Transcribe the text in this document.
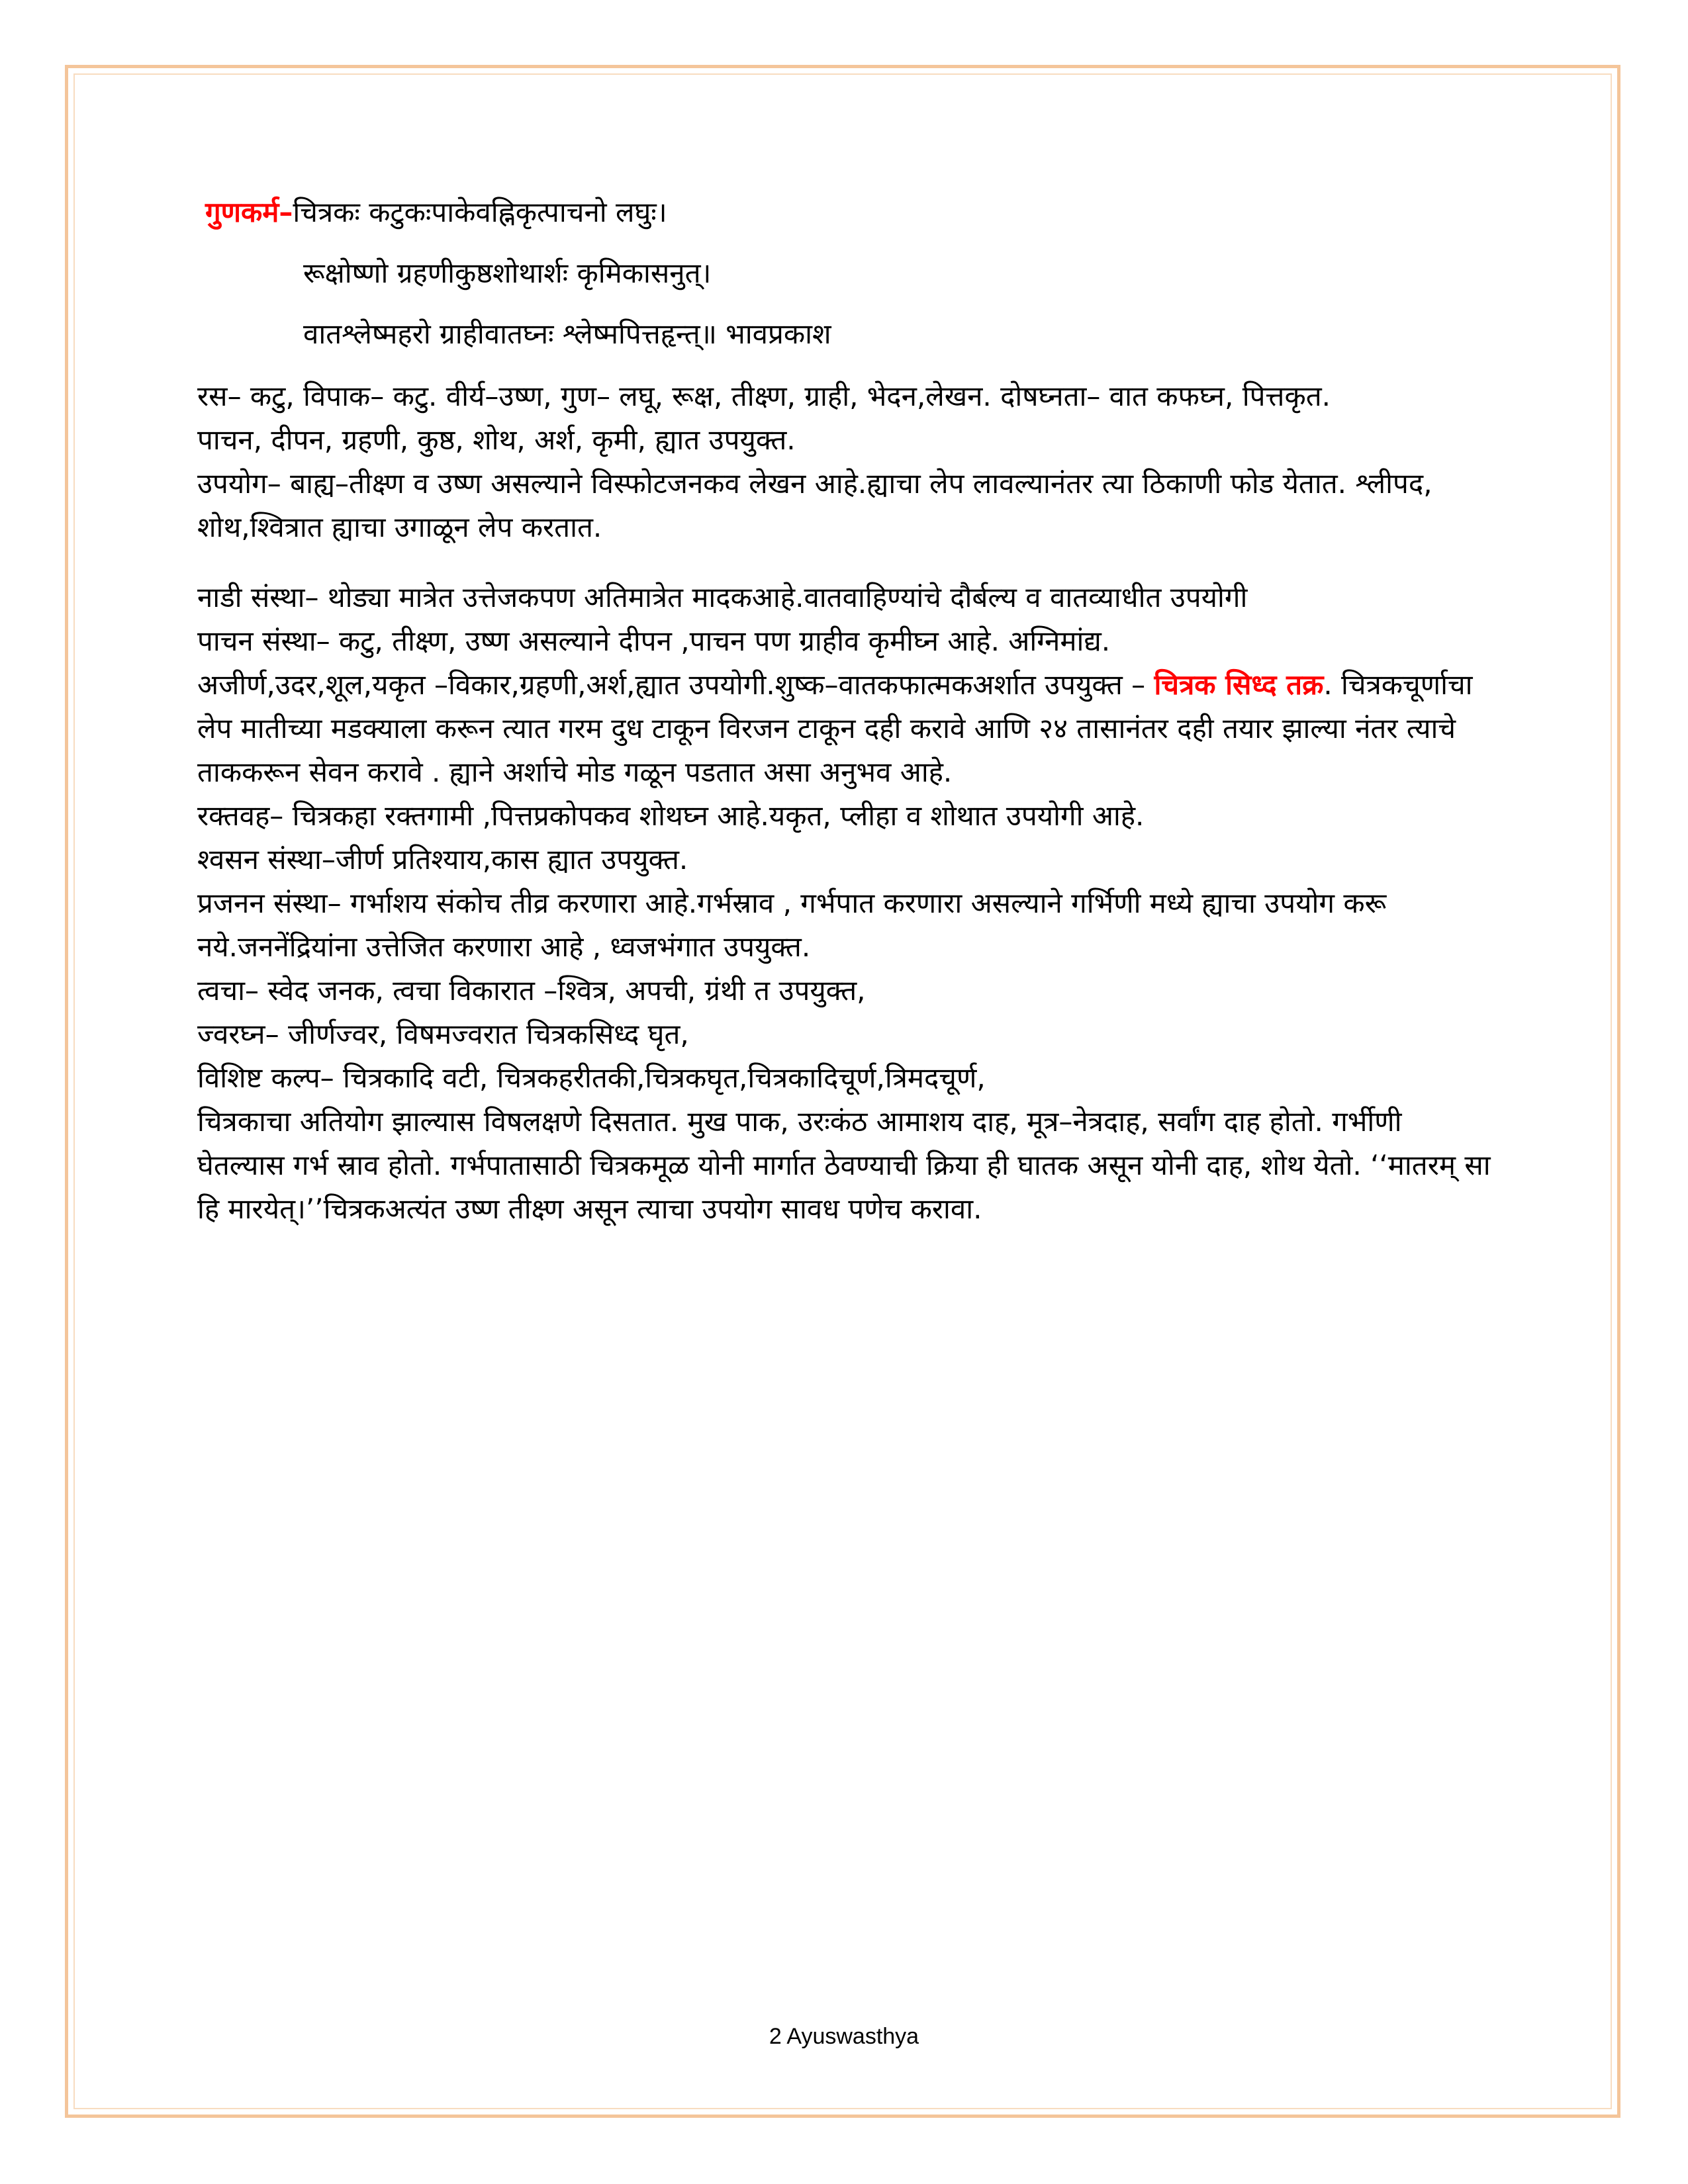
गुणकर्म–चित्रकः कटुकःपाकेवह्निकृत्पाचनो लघुः।

रूक्षोष्णो ग्रहणीकुष्ठशोथार्शः कृमिकासनुत्।

वातश्लेष्महरो ग्राहीवातघ्नः श्लेष्मपित्तहृन्त्॥ भावप्रकाश

रस– कटु, विपाक– कटु. वीर्य–उष्ण, गुण– लघू, रूक्ष, तीक्ष्ण, ग्राही, भेदन,लेखन. दोषघ्नता– वात कफघ्न, पित्तकृत.

पाचन, दीपन, ग्रहणी, कुष्ठ, शोथ, अर्श, कृमी, ह्यात उपयुक्त.

उपयोग– बाह्य–तीक्ष्ण व उष्ण असल्याने विस्फोटजनकव लेखन आहे.ह्याचा लेप लावल्यानंतर त्या ठिकाणी फोड येतात. श्लीपद, शोथ,श्वित्रात ह्याचा उगाळून लेप करतात.

नाडी संस्था– थोड्या मात्रेत उत्तेजकपण अतिमात्रेत मादकआहे.वातवाहिण्यांचे दौर्बल्य व वातव्याधीत उपयोगी

पाचन संस्था– कटु, तीक्ष्ण, उष्ण असल्याने दीपन ,पाचन पण ग्राहीव कृमीघ्न आहे. अग्निमांद्य.

अजीर्ण,उदर,शूल,यकृत –विकार,ग्रहणी,अर्श,ह्यात उपयोगी.शुष्क–वातकफात्मकअर्शात उपयुक्त – चित्रक सिध्द तक्र. चित्रकचूर्णाचा लेप मातीच्या मडक्याला करून त्यात गरम दुध टाकून विरजन टाकून दही करावे आणि २४ तासानंतर दही तयार झाल्या नंतर त्याचे ताककरून सेवन करावे . ह्याने अर्शाचे मोड गळून पडतात असा अनुभव आहे.

रक्तवह– चित्रकहा रक्तगामी ,पित्तप्रकोपकव शोथघ्न आहे.यकृत, प्लीहा व शोथात उपयोगी आहे.

श्वसन संस्था–जीर्ण प्रतिश्याय,कास ह्यात उपयुक्त.

प्रजनन संस्था– गर्भाशय संकोच तीव्र करणारा आहे.गर्भस्राव , गर्भपात करणारा असल्याने गर्भिणी मध्ये ह्याचा उपयोग करू नये.जननेंद्रियांना उत्तेजित करणारा आहे , ध्वजभंगात उपयुक्त.

त्वचा– स्वेद जनक, त्वचा विकारात –श्वित्र, अपची, ग्रंथी त उपयुक्त,

ज्वरघ्न– जीर्णज्वर, विषमज्वरात चित्रकसिध्द घृत,

विशिष्ट कल्प– चित्रकादि वटी, चित्रकहरीतकी,चित्रकघृत,चित्रकादिचूर्ण,त्रिमदचूर्ण,

चित्रकाचा अतियोग झाल्यास विषलक्षणे दिसतात. मुख पाक, उरःकंठ आमाशय दाह, मूत्र–नेत्रदाह, सर्वांग दाह होतो. गर्भीणी घेतल्यास गर्भ स्राव होतो. गर्भपातासाठी चित्रकमूळ योनी मार्गात ठेवण्याची क्रिया ही घातक असून योनी दाह, शोथ येतो. ‘‘मातरम् सा हि मारयेत्।’’चित्रकअत्यंत उष्ण तीक्ष्ण असून त्याचा उपयोग सावध पणेच करावा.

2 Ayuswasthya
